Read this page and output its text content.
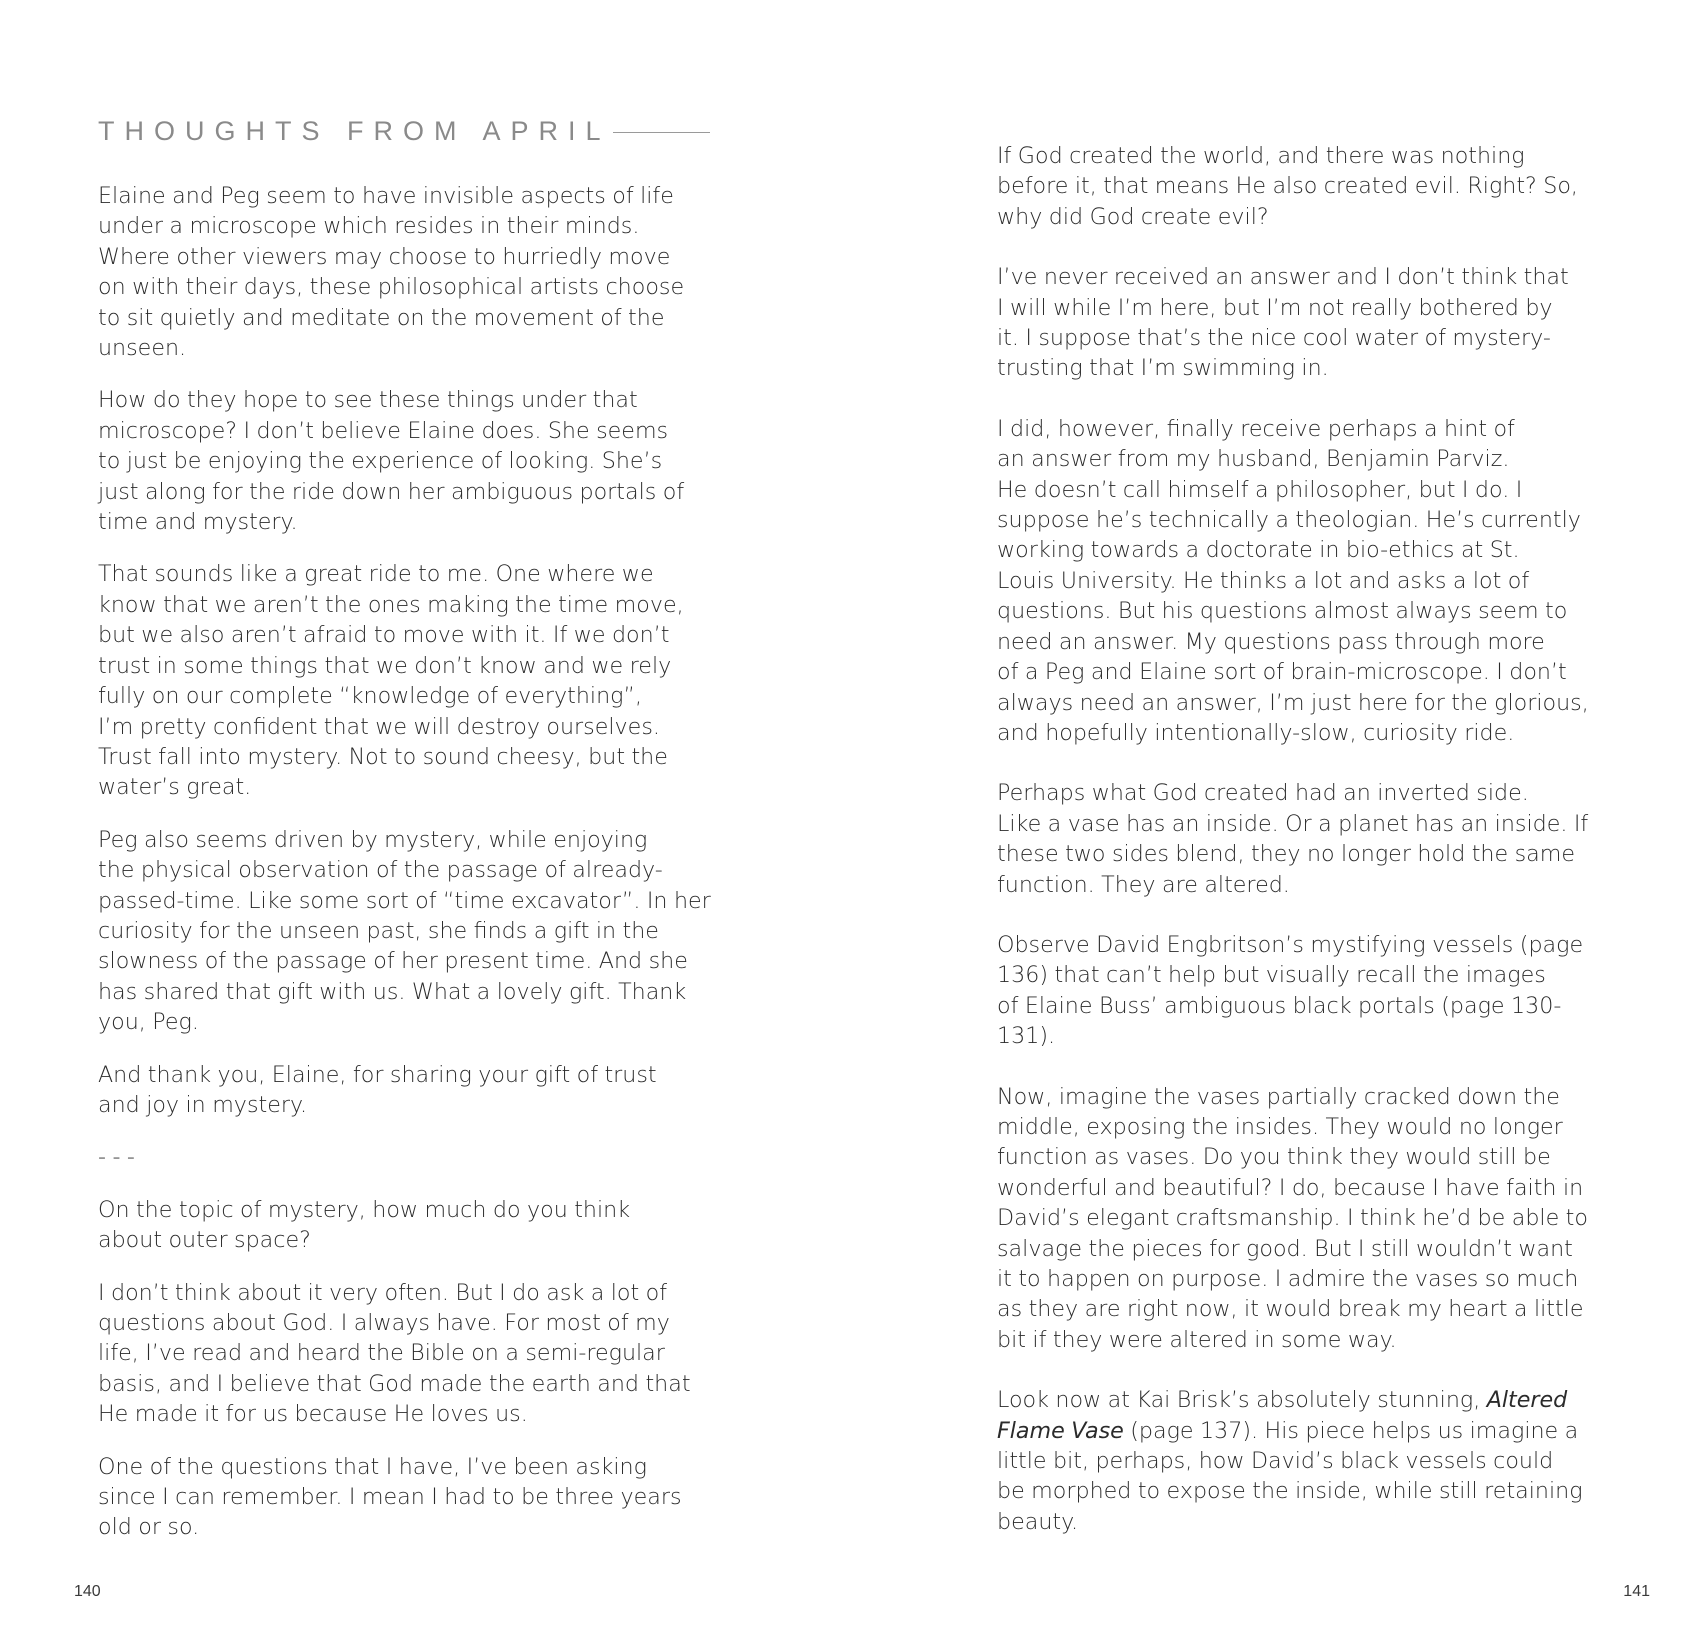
THOUGHTS FROM APRIL

Elaine and Peg seem to have invisible aspects of life
under a microscope which resides in their minds.
Where other viewers may choose to hurriedly move
on with their days, these philosophical artists choose
to sit quietly and meditate on the movement of the
unseen.

How do they hope to see these things under that
microscope? I don’t believe Elaine does. She seems
to just be enjoying the experience of looking. She’s
just along for the ride down her ambiguous portals of
time and mystery.

That sounds like a great ride to me. One where we
know that we aren’t the ones making the time move,
but we also aren’t afraid to move with it. If we don’t
trust in some things that we don’t know and we rely
fully on our complete “knowledge of everything”,
I’m pretty confident that we will destroy ourselves.
Trust fall into mystery. Not to sound cheesy, but the
water’s great.

Peg also seems driven by mystery, while enjoying
the physical observation of the passage of already-
passed-time. Like some sort of “time excavator”. In her
curiosity for the unseen past, she finds a gift in the
slowness of the passage of her present time. And she
has shared that gift with us. What a lovely gift. Thank
you, Peg.

And thank you, Elaine, for sharing your gift of trust
and joy in mystery.

- - -

On the topic of mystery, how much do you think
about outer space?

I don’t think about it very often. But I do ask a lot of
questions about God. I always have. For most of my
life, I’ve read and heard the Bible on a semi-regular
basis, and I believe that God made the earth and that
He made it for us because He loves us.

One of the questions that I have, I’ve been asking
since I can remember. I mean I had to be three years
old or so.

140

If God created the world, and there was nothing
before it, that means He also created evil. Right? So,
why did God create evil?

I’ve never received an answer and I don’t think that
I will while I’m here, but I’m not really bothered by
it. I suppose that’s the nice cool water of mystery-
trusting that I’m swimming in.

I did, however, finally receive perhaps a hint of
an answer from my husband, Benjamin Parviz.
He doesn’t call himself a philosopher, but I do. I
suppose he’s technically a theologian. He’s currently
working towards a doctorate in bio-ethics at St.
Louis University. He thinks a lot and asks a lot of
questions. But his questions almost always seem to
need an answer. My questions pass through more
of a Peg and Elaine sort of brain-microscope. I don’t
always need an answer, I’m just here for the glorious,
and hopefully intentionally-slow, curiosity ride.

Perhaps what God created had an inverted side.
Like a vase has an inside. Or a planet has an inside. If
these two sides blend, they no longer hold the same
function. They are altered.

Observe David Engbritson’s mystifying vessels (page
136) that can’t help but visually recall the images
of Elaine Buss’ ambiguous black portals (page 130-
131).

Now, imagine the vases partially cracked down the
middle, exposing the insides. They would no longer
function as vases. Do you think they would still be
wonderful and beautiful? I do, because I have faith in
David’s elegant craftsmanship. I think he’d be able to
salvage the pieces for good. But I still wouldn’t want
it to happen on purpose. I admire the vases so much
as they are right now, it would break my heart a little
bit if they were altered in some way.

Look now at Kai Brisk’s absolutely stunning, Altered
Flame Vase (page 137). His piece helps us imagine a
little bit, perhaps, how David’s black vessels could
be morphed to expose the inside, while still retaining
beauty.

141
